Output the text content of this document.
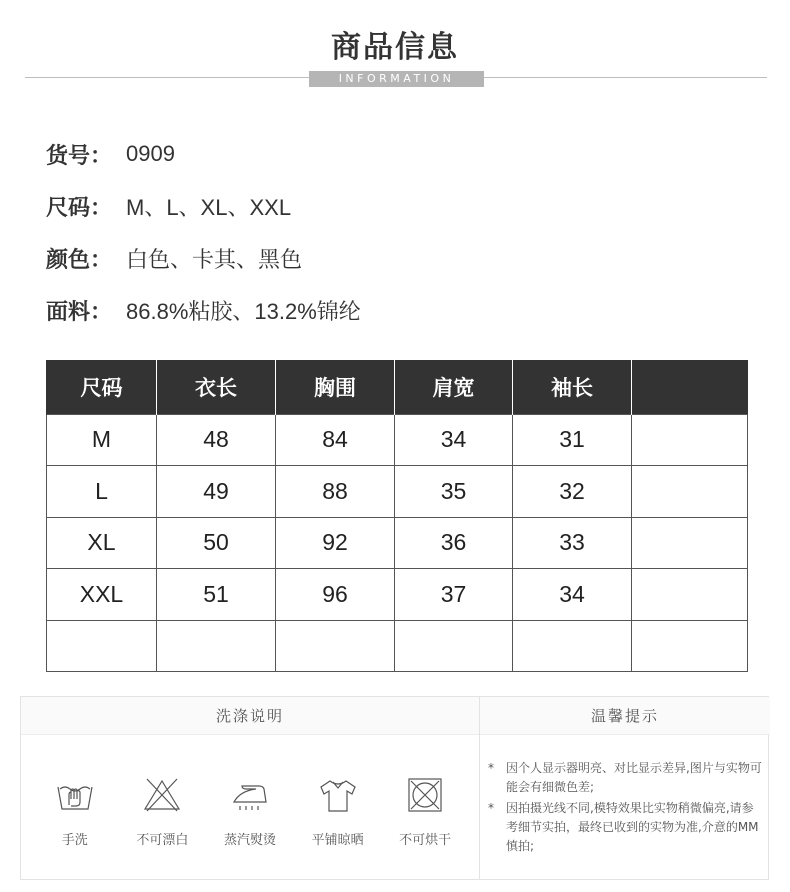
商品信息
INFORMATION
货号： 0909
尺码： M、L、XL、XXL
颜色： 白色、卡其、黑色
面料： 86.8%粘胶、13.2%锦纶
尺码	衣长	胸围	肩宽	袖长	
M	48	84	34	31	
L	49	88	35	32	
XL	50	92	36	33	
XXL	51	96	37	34	

洗涤说明
手洗	不可漂白	蒸汽熨烫	平铺晾晒	不可烘干
温馨提示
* 因个人显示器明亮、对比显示差异,图片与实物可能会有细微色差;
* 因拍摄光线不同,模特效果比实物稍微偏亮,请参考细节实拍，最终已收到的实物为准,介意的MM慎拍;
